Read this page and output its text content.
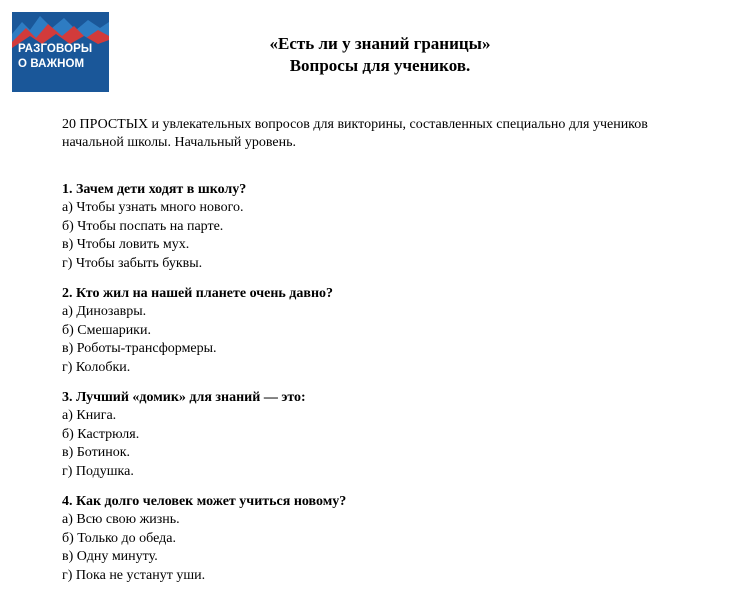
РАЗГОВОРЫ
О ВАЖНОМ
«Есть ли у знаний границы»
Вопросы для учеников.
20 ПРОСТЫХ и увлекательных вопросов для викторины, составленных специально для учеников начальной школы. Начальный уровень.

1. Зачем дети ходят в школу?

а) Чтобы узнать много нового.

б) Чтобы поспать на парте.

в) Чтобы ловить мух.

г) Чтобы забыть буквы.

2. Кто жил на нашей планете очень давно?

а) Динозавры.

б) Смешарики.

в) Роботы-трансформеры.

г) Колобки.

3. Лучший «домик» для знаний — это:

а) Книга.

б) Кастрюля.

в) Ботинок.

г) Подушка.

4. Как долго человек может учиться новому?

а) Всю свою жизнь.

б) Только до обеда.

в) Одну минуту.

г) Пока не устанут уши.
